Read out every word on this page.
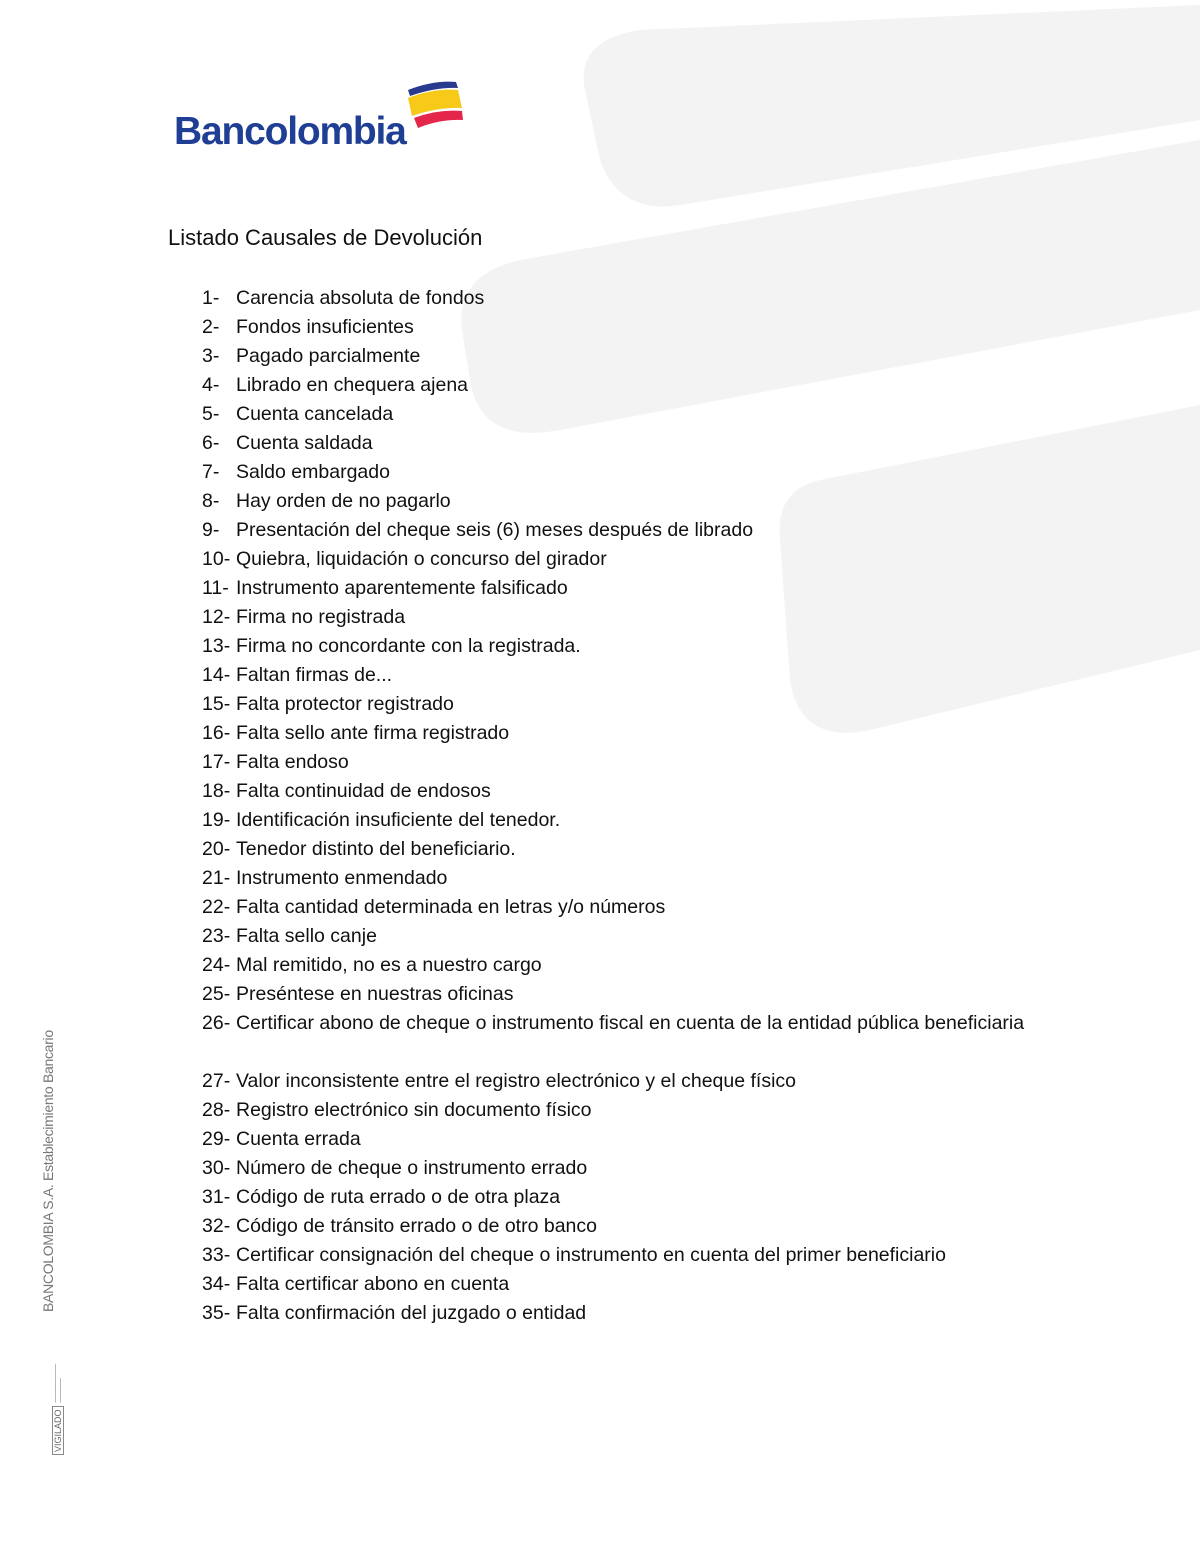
Bancolombia
Listado Causales de Devolución
1- Carencia absoluta de fondos
2- Fondos insuficientes
3- Pagado parcialmente
4- Librado en chequera ajena
5- Cuenta cancelada
6- Cuenta saldada
7- Saldo embargado
8- Hay orden de no pagarlo
9- Presentación del cheque seis (6) meses después de librado
10- Quiebra, liquidación o concurso del girador
11- Instrumento aparentemente falsificado
12- Firma no registrada
13- Firma no concordante con la registrada.
14- Faltan firmas de...
15- Falta protector registrado
16- Falta sello ante firma registrado
17- Falta endoso
18- Falta continuidad de endosos
19- Identificación insuficiente del tenedor.
20- Tenedor distinto del beneficiario.
21- Instrumento enmendado
22- Falta cantidad determinada en letras y/o números
23- Falta sello canje
24- Mal remitido, no es a nuestro cargo
25- Preséntese en nuestras oficinas
26- Certificar abono de cheque o instrumento fiscal en cuenta de la entidad pública beneficiaria
27- Valor inconsistente entre el registro electrónico y el cheque físico
28- Registro electrónico sin documento físico
29- Cuenta errada
30- Número de cheque o instrumento errado
31- Código de ruta errado o de otra plaza
32- Código de tránsito errado o de otro banco
33- Certificar consignación del cheque o instrumento en cuenta del primer beneficiario
34- Falta certificar abono en cuenta
35- Falta confirmación del juzgado o entidad
BANCOLOMBIA S.A. Establecimiento Bancario
VIGILADO
━━━━━━━━━━━━━━━━
━━━━━━━━━━
